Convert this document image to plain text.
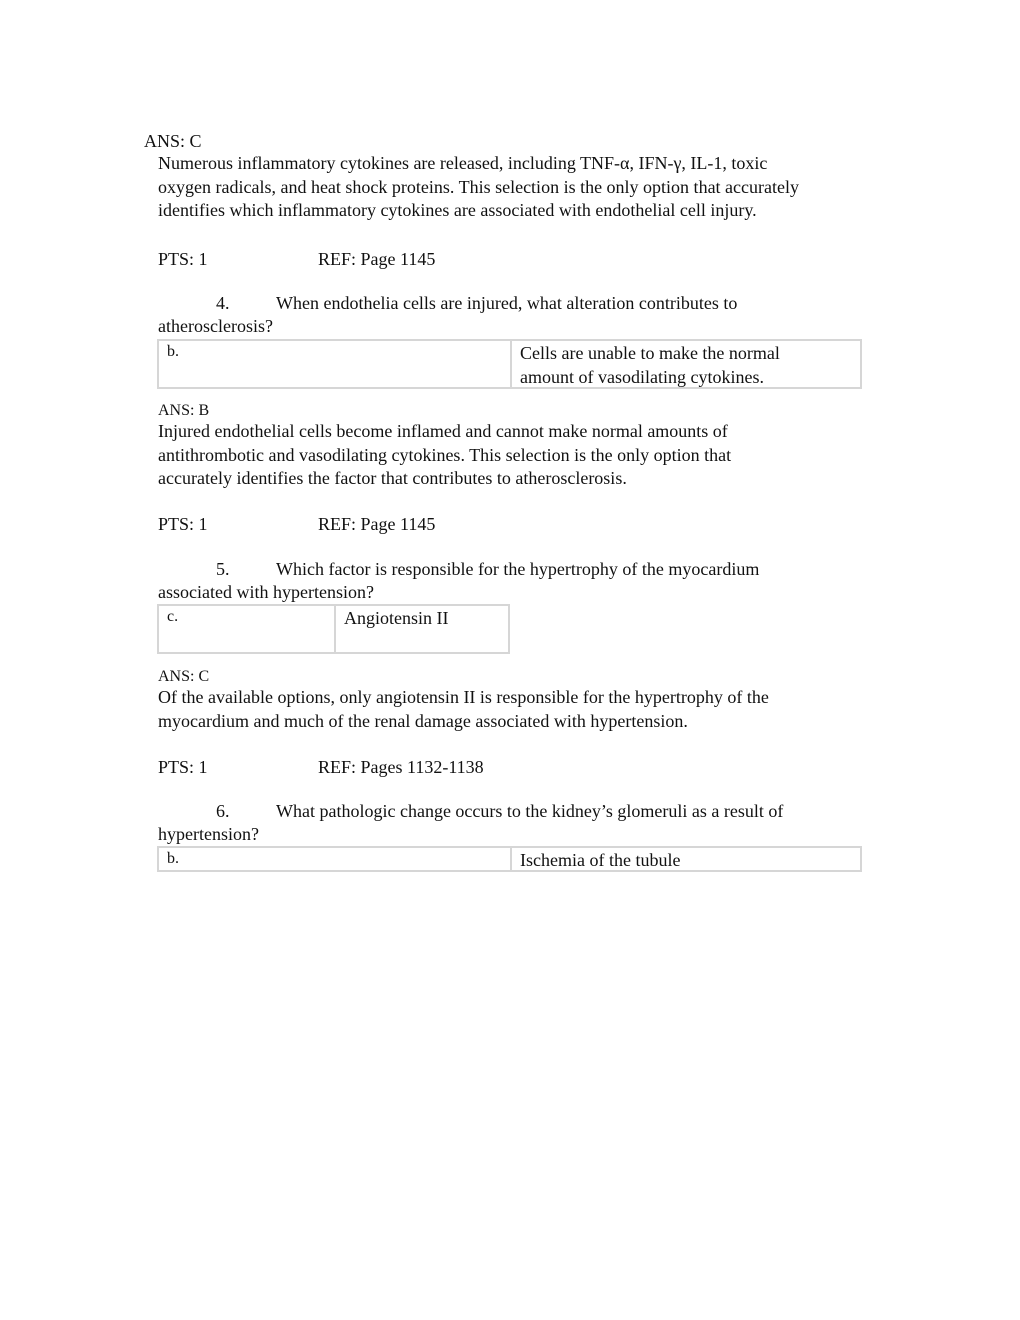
ANS: C
Numerous inflammatory cytokines are released, including TNF-α, IFN-γ, IL-1, toxic
oxygen radicals, and heat shock proteins. This selection is the only option that accurately
identifies which inflammatory cytokines are associated with endothelial cell injury.
PTS: 1	REF: Page 1145
4.	When endothelia cells are injured, what alteration contributes to
atherosclerosis?
b.	Cells are unable to make the normal
amount of vasodilating cytokines.
ANS: B
Injured endothelial cells become inflamed and cannot make normal amounts of
antithrombotic and vasodilating cytokines. This selection is the only option that
accurately identifies the factor that contributes to atherosclerosis.
PTS: 1	REF: Page 1145
5.	Which factor is responsible for the hypertrophy of the myocardium
associated with hypertension?
c.	Angiotensin II
ANS: C
Of the available options, only angiotensin II is responsible for the hypertrophy of the
myocardium and much of the renal damage associated with hypertension.
PTS: 1	REF: Pages 1132-1138
6.	What pathologic change occurs to the kidney’s glomeruli as a result of
hypertension?
b.	Ischemia of the tubule
